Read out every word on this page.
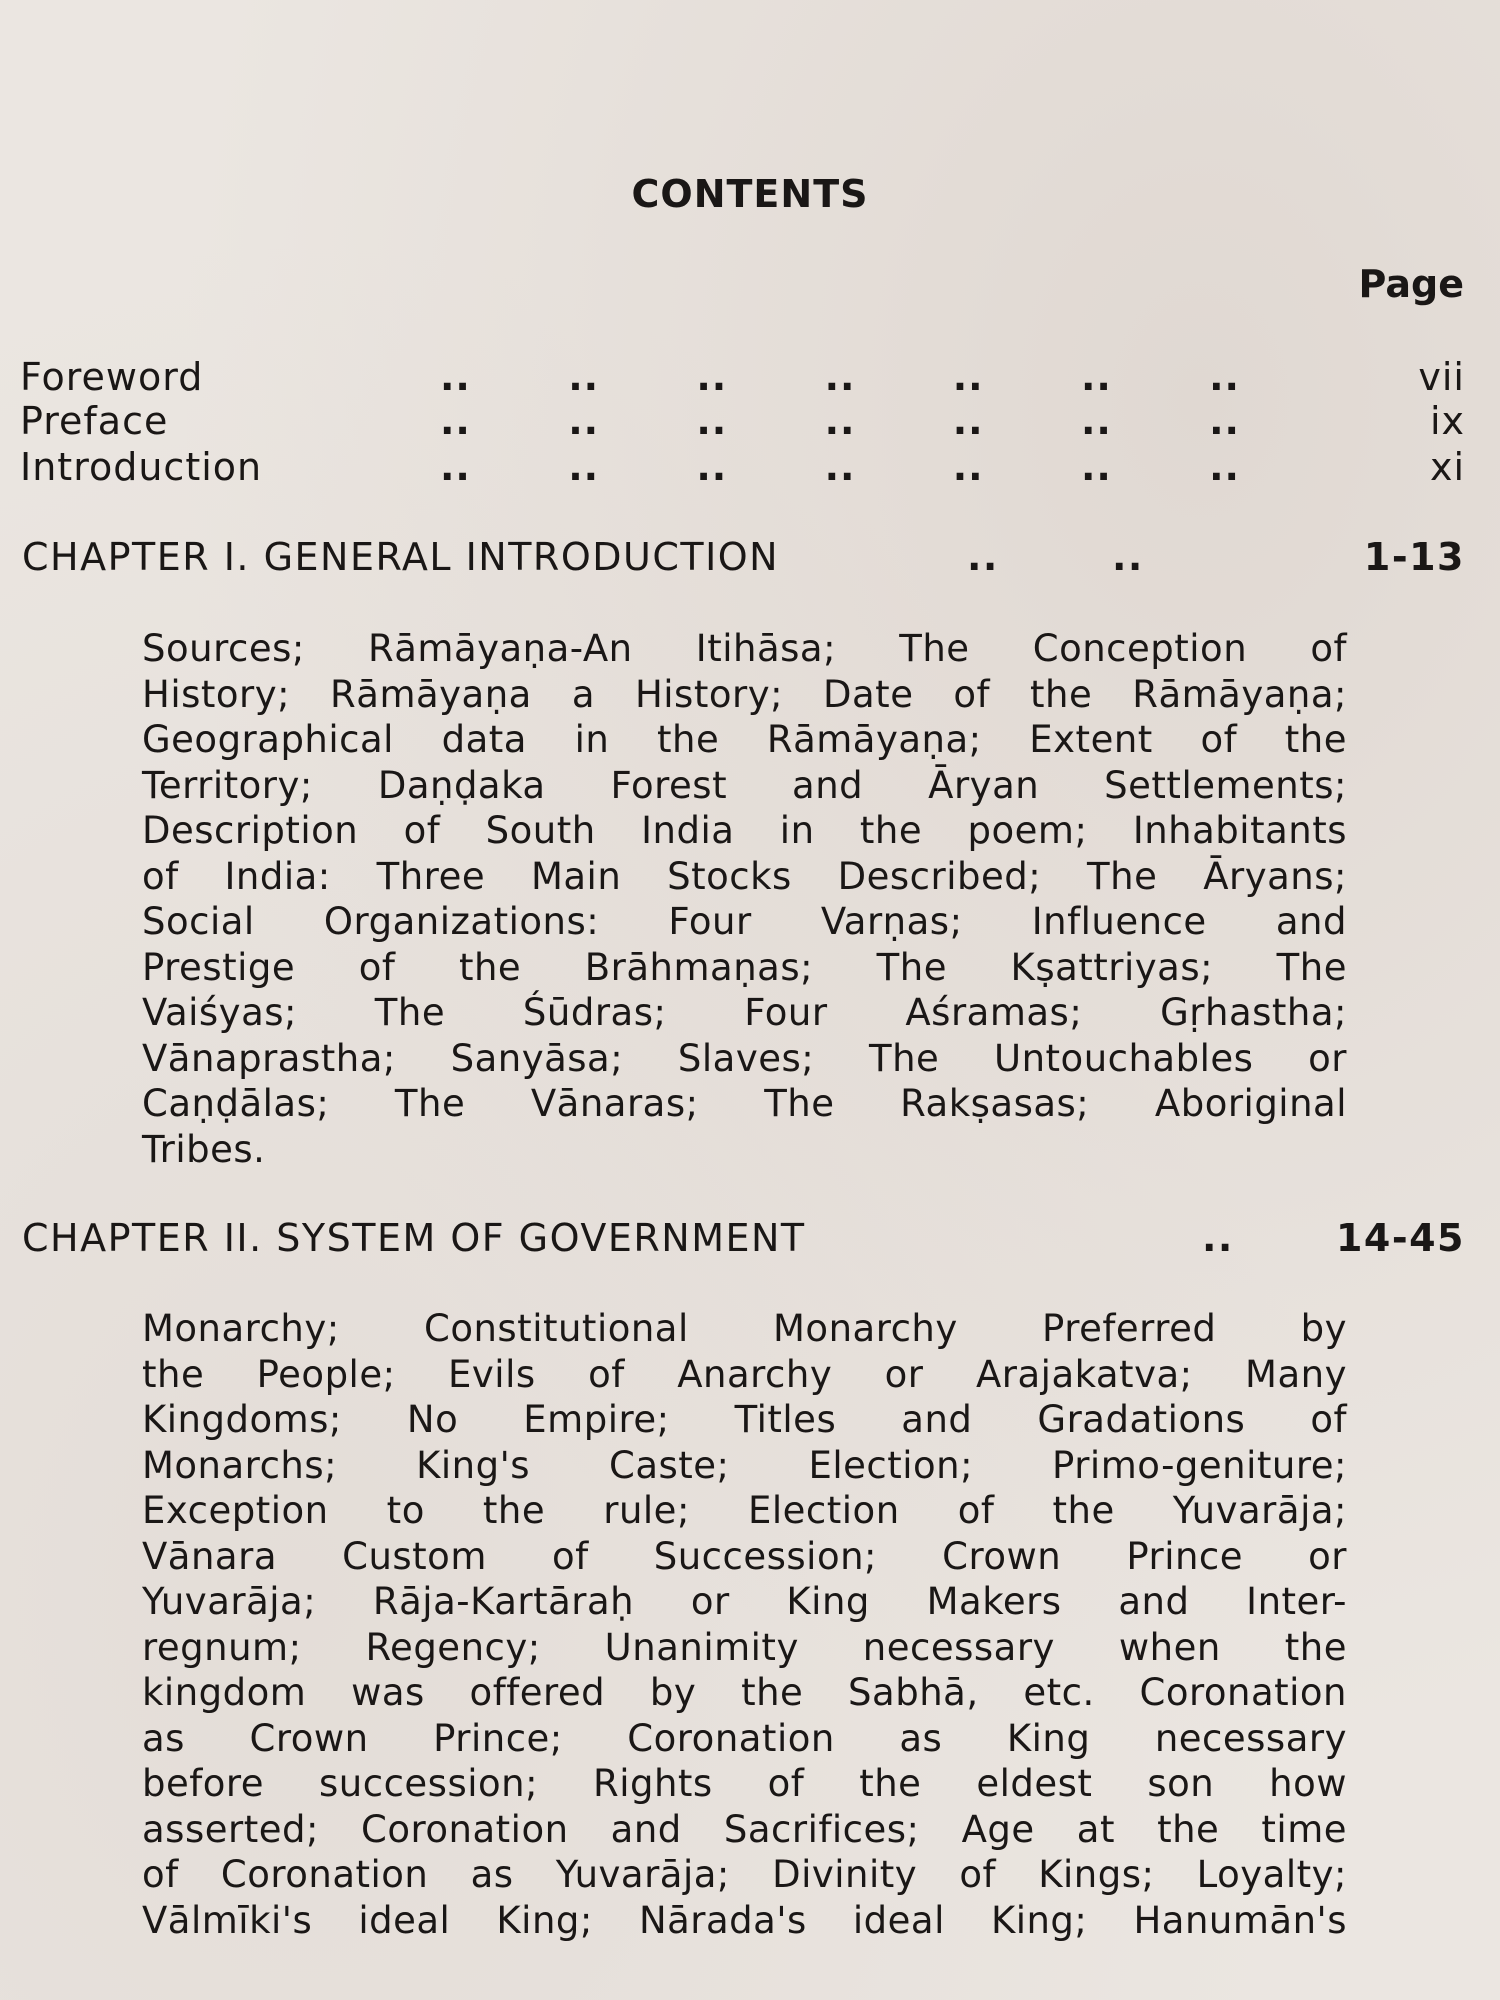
CONTENTS
Page
Foreword	..	..	..	..	..	..	..	vii
Preface	..	..	..	..	..	..	..	ix
Introduction	..	..	..	..	..	..	..	xi
CHAPTER I. GENERAL INTRODUCTION	..	..	1-13
Sources; Rāmāyaṇa-An Itihāsa; The Conception of
History; Rāmāyaṇa a History; Date of the Rāmāyaṇa;
Geographical data in the Rāmāyaṇa; Extent of the
Territory; Daṇḍaka Forest and Āryan Settlements;
Description of South India in the poem; Inhabitants
of India: Three Main Stocks Described; The Āryans;
Social Organizations: Four Varṇas; Influence and
Prestige of the Brāhmaṇas; The Kṣattriyas; The
Vaiśyas; The Śūdras; Four Aśramas; Gṛhastha;
Vānaprastha; Sanyāsa; Slaves; The Untouchables or
Caṇḍālas; The Vānaras; The Rakṣasas; Aboriginal
Tribes.
CHAPTER II. SYSTEM OF GOVERNMENT	..	14-45
Monarchy; Constitutional Monarchy Preferred by
the People; Evils of Anarchy or Arajakatva; Many
Kingdoms; No Empire; Titles and Gradations of
Monarchs; King's Caste; Election; Primo-geniture;
Exception to the rule; Election of the Yuvarāja;
Vānara Custom of Succession; Crown Prince or
Yuvarāja; Rāja-Kartāraḥ or King Makers and Inter-
regnum; Regency; Unanimity necessary when the
kingdom was offered by the Sabhā, etc. Coronation
as Crown Prince; Coronation as King necessary
before succession; Rights of the eldest son how
asserted; Coronation and Sacrifices; Age at the time
of Coronation as Yuvarāja; Divinity of Kings; Loyalty;
Vālmīki's ideal King; Nārada's ideal King; Hanumān's
